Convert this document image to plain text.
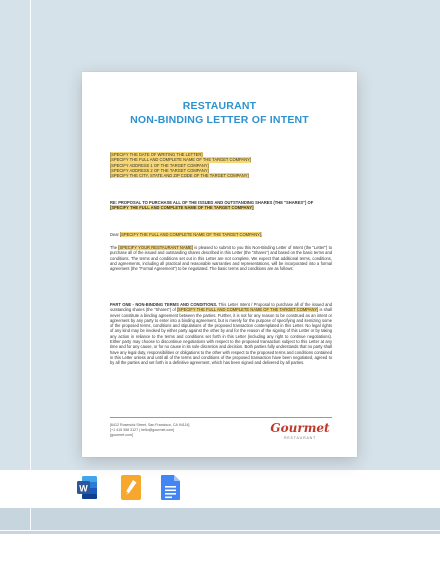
RESTAURANT
NON-BINDING LETTER OF INTENT
[SPECIFY THE DATE OF WRITING THE LETTER]
[SPECIFY THE FULL AND COMPLETE NAME OF THE TARGET COMPANY]
[SPECIFY ADDRESS 1 OF THE TARGET COMPANY]
[SPECIFY ADDRESS 2 OF THE TARGET COMPANY]
[SPECIFY THE CITY, STATE AND ZIP CODE OF THE TARGET COMPANY]
RE: PROPOSAL TO PURCHASE ALL OF THE ISSUED AND OUTSTANDING SHARES (THE "SHARES") OF [SPECIFY THE FULL AND COMPLETE NAME OF THE TARGET COMPANY]
Dear [SPECIFY THE FULL AND COMPLETE NAME OF THE TARGET COMPANY],
The [SPECIFY YOUR RESTAURANT NAME] is pleased to submit to you this Non-Binding Letter of Intent (the "Letter") to purchase all of the issued and outstanding shares described in this Letter (the "Shares") and based on the basic terms and conditions. The terms and conditions set out in this Letter are not complete. We expect that additional terms, conditions, and agreements, including all practical and reasonable warranties and representations, will be incorporated into a formal agreement (the "Formal Agreement") to be negotiated. The basic terms and conditions are as follows:
PART ONE - NON-BINDING TERMS AND CONDITIONS. This Letter Intent / Proposal to purchase all of the issued and outstanding shares (the "Shares") of [SPECIFY THE FULL AND COMPLETE NAME OF THE TARGET COMPANY] is shall never constitute a binding agreement between the parties. Further, it is not for any reason to be construed as an intent or agreement by any party to enter into a binding agreement, but is merely for the purpose of specifying and itemizing some of the proposed terms, conditions and stipulations of the proposed transaction contemplated in this Letter. No legal rights of any kind may be invoked by either party against the other by and for the reason of the signing of this Letter or by taking any action in reliance to the terms and conditions set forth in this Letter (including any right to continue negotiations). Either party may choose to discontinue negotiations with respect to the proposed transaction subject to this Letter at any time and for any cause, or for no cause in its sole discretion and decision. Both parties fully understands that no party shall have any legal duty, responsibilities or obligations to the other with respect to the proposed terms and conditions contained in this Letter unless and until all of the terms and conditions of the proposed transaction have been negotiated, agreed to by all the parties and set forth in a definitive agreement, which has been signed and delivered by all parties.
[6412 Rosewick Street, San Francisco, CA 94114]
[+1 415 358 3127 | hello@gourmet.com]
[gourmet.com]	Gourmet
RESTAURANT
W
TEMPLATE.NET
